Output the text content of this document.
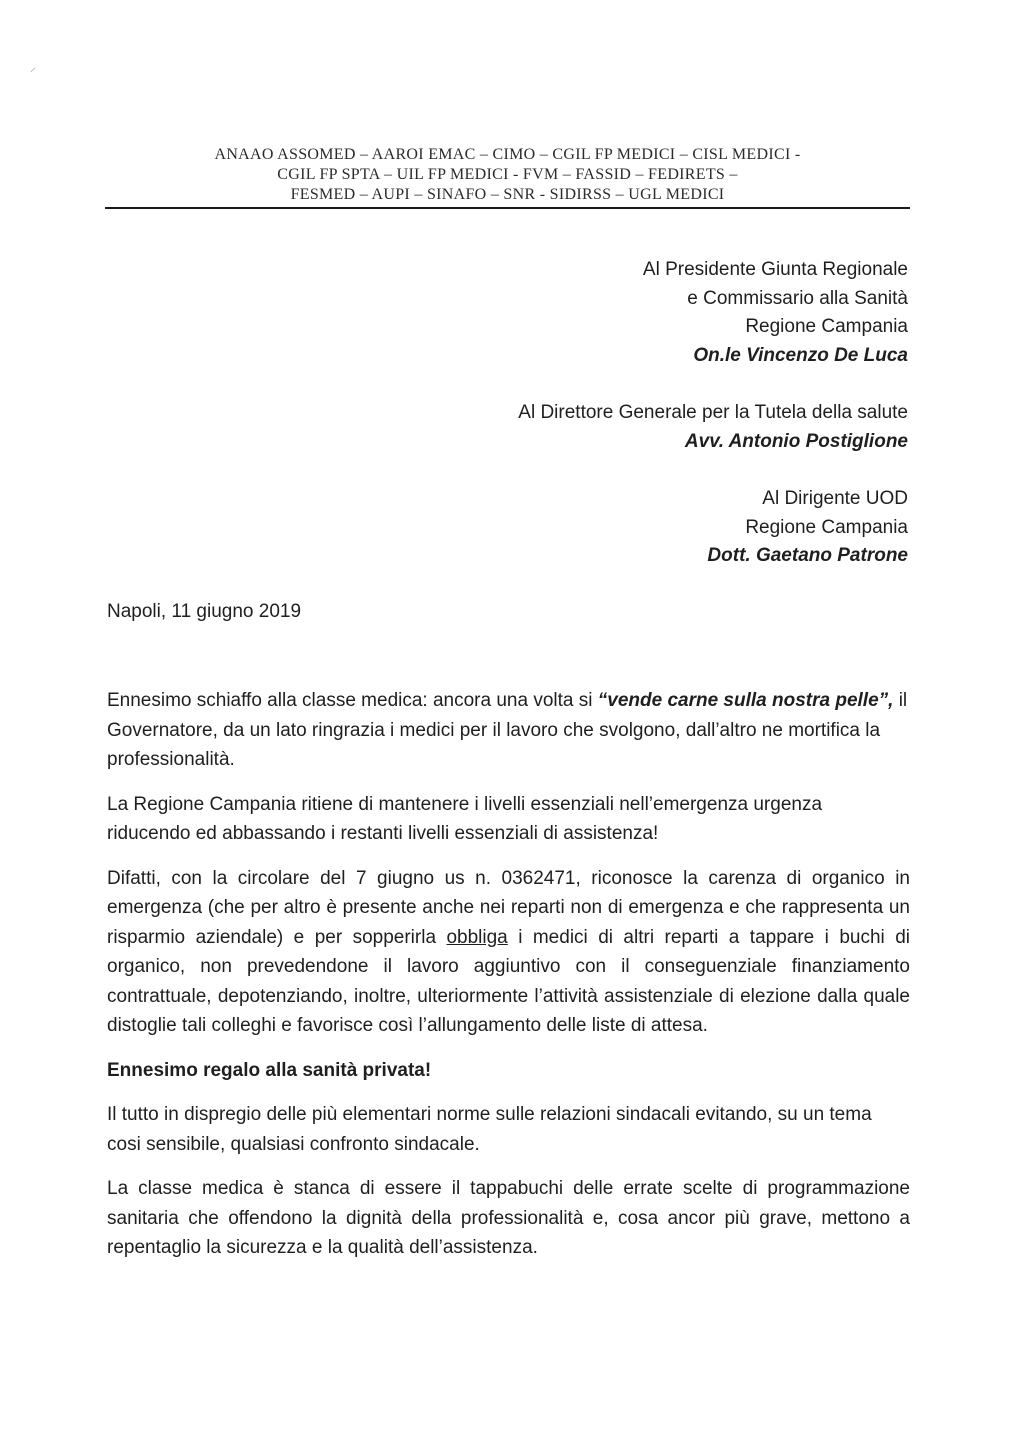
⸝
ANAAO ASSOMED – AAROI EMAC – CIMO – CGIL FP MEDICI – CISL MEDICI -
CGIL FP SPTA – UIL FP MEDICI - FVM – FASSID – FEDIRETS –
FESMED – AUPI – SINAFO – SNR - SIDIRSS – UGL MEDICI
Al Presidente Giunta Regionale
e Commissario alla Sanità
Regione Campania
On.le Vincenzo De Luca
Al Direttore Generale per la Tutela della salute
Avv. Antonio Postiglione
Al Dirigente UOD
Regione Campania
Dott. Gaetano Patrone
Napoli, 11 giugno 2019

Ennesimo schiaffo alla classe medica: ancora una volta si “vende carne sulla nostra pelle”, il Governatore, da un lato ringrazia i medici per il lavoro che svolgono, dall’altro ne mortifica la professionalità.

La Regione Campania ritiene di mantenere i livelli essenziali nell’emergenza urgenza riducendo ed abbassando i restanti livelli essenziali di assistenza!

Difatti, con la circolare del 7 giugno us n. 0362471, riconosce la carenza di organico in emergenza (che per altro è presente anche nei reparti non di emergenza e che rappresenta un risparmio aziendale) e per sopperirla obbliga i medici di altri reparti a tappare i buchi di organico, non prevedendone il lavoro aggiuntivo con il conseguenziale finanziamento contrattuale, depotenziando, inoltre, ulteriormente l’attività assistenziale di elezione dalla quale distoglie tali colleghi e favorisce così l’allungamento delle liste di attesa.

Ennesimo regalo alla sanità privata!

Il tutto in dispregio delle più elementari norme sulle relazioni sindacali evitando, su un tema cosi sensibile, qualsiasi confronto sindacale.

La classe medica è stanca di essere il tappabuchi delle errate scelte di programmazione sanitaria che offendono la dignità della professionalità e, cosa ancor più grave, mettono a repentaglio la sicurezza e la qualità dell’assistenza.
